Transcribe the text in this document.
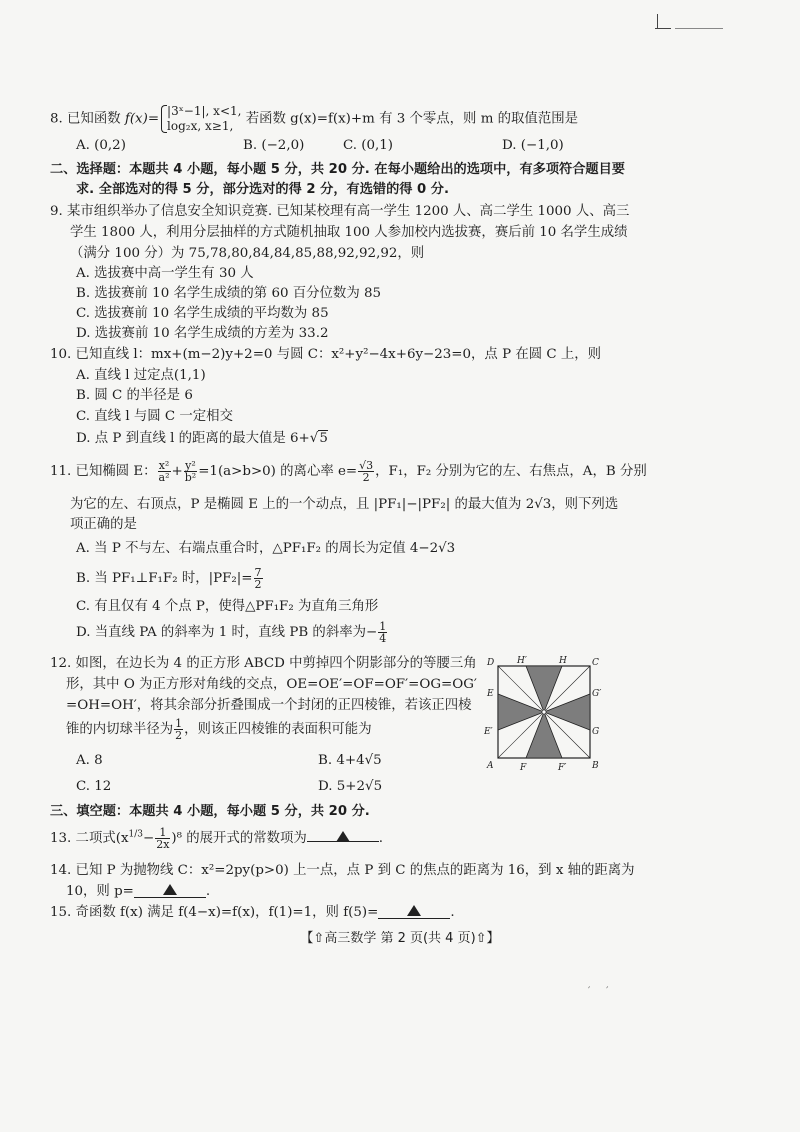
8. 已知函数 f(x)=
|3ˣ−1|, x<1,
log₂x, x≥1, 若函数 g(x)=f(x)+m 有 3 个零点，则 m 的取值范围是
A. (0,2)	B. (−2,0)	C. (0,1)	D. (−1,0)
二、选择题：本题共 4 小题，每小题 5 分，共 20 分. 在每小题给出的选项中，有多项符合题目要
求. 全部选对的得 5 分，部分选对的得 2 分，有选错的得 0 分.
9. 某市组织举办了信息安全知识竞赛. 已知某校理有高一学生 1200 人、高二学生 1000 人、高三
学生 1800 人，利用分层抽样的方式随机抽取 100 人参加校内选拔赛，赛后前 10 名学生成绩
（满分 100 分）为 75,78,80,84,84,85,88,92,92,92，则
A. 选拔赛中高一学生有 30 人
B. 选拔赛前 10 名学生成绩的第 60 百分位数为 85
C. 选拔赛前 10 名学生成绩的平均数为 85
D. 选拔赛前 10 名学生成绩的方差为 33.2
10. 已知直线 l：mx+(m−2)y+2=0 与圆 C：x²+y²−4x+6y−23=0，点 P 在圆 C 上，则
A. 直线 l 过定点(1,1)
B. 圆 C 的半径是 6
C. 直线 l 与圆 C 一定相交
D. 点 P 到直线 l 的距离的最大值是 6+√5
11. 已知椭圆 E： $\frac{\text{x²}}{\text{a²}} + \frac{\text{y²}}{\text{b²}} =1(a>b>0)$ 的离心率 $e= \frac{√3}{2}$ ，F₁，F₂ 分别为它的左、右焦点，A，B 分别
为它的左、右顶点，P 是椭圆 E 上的一个动点，且 |PF₁|−|PF₂| 的最大值为 2√3，则下列选
项正确的是
A. 当 P 不与左、右端点重合时，△PF₁F₂ 的周长为定值 4−2√3
B. 当 PF₁⊥F₁F₂ 时，$|PF_2|= \frac{7}{2}$
C. 有且仅有 4 个点 P，使得△PF₁F₂ 为直角三角形
D. 当直线 PA 的斜率为 1 时，直线 PB 的斜率为− $\frac{1}{4}$
12. 如图，在边长为 4 的正方形 ABCD 中剪掉四个阴影部分的等腰三角
形，其中 O 为正方形对角线的交点，OE=OE′=OF=OF′=OG=OG′
=OH=OH′，将其余部分折叠围成一个封闭的正四棱锥，若该正四棱
锥的内切球半径为 $\frac{1}{2}$ ，则该正四棱锥的表面积可能为
A. 8	B. 4+4√5
C. 12	D. 5+2√5
D	H′	H	C
E	G′
E′	G
A	F	F′	B
三、填空题：本题共 4 小题，每小题 5 分，共 20 分.
13. 二项式$(x^{1/3}- \frac{1}{2x} )^8$ 的展开式的常数项为	.
14. 已知 P 为抛物线 C：x²=2py(p>0) 上一点，点 P 到 C 的焦点的距离为 16，到 x 轴的距离为
10，则 p=	.
15. 奇函数 f(x) 满足 f(4−x)=f(x)，f(1)=1，则 f(5)=	.
【⇧高三数学 第 2 页(共 4 页)⇧】
′     ′
